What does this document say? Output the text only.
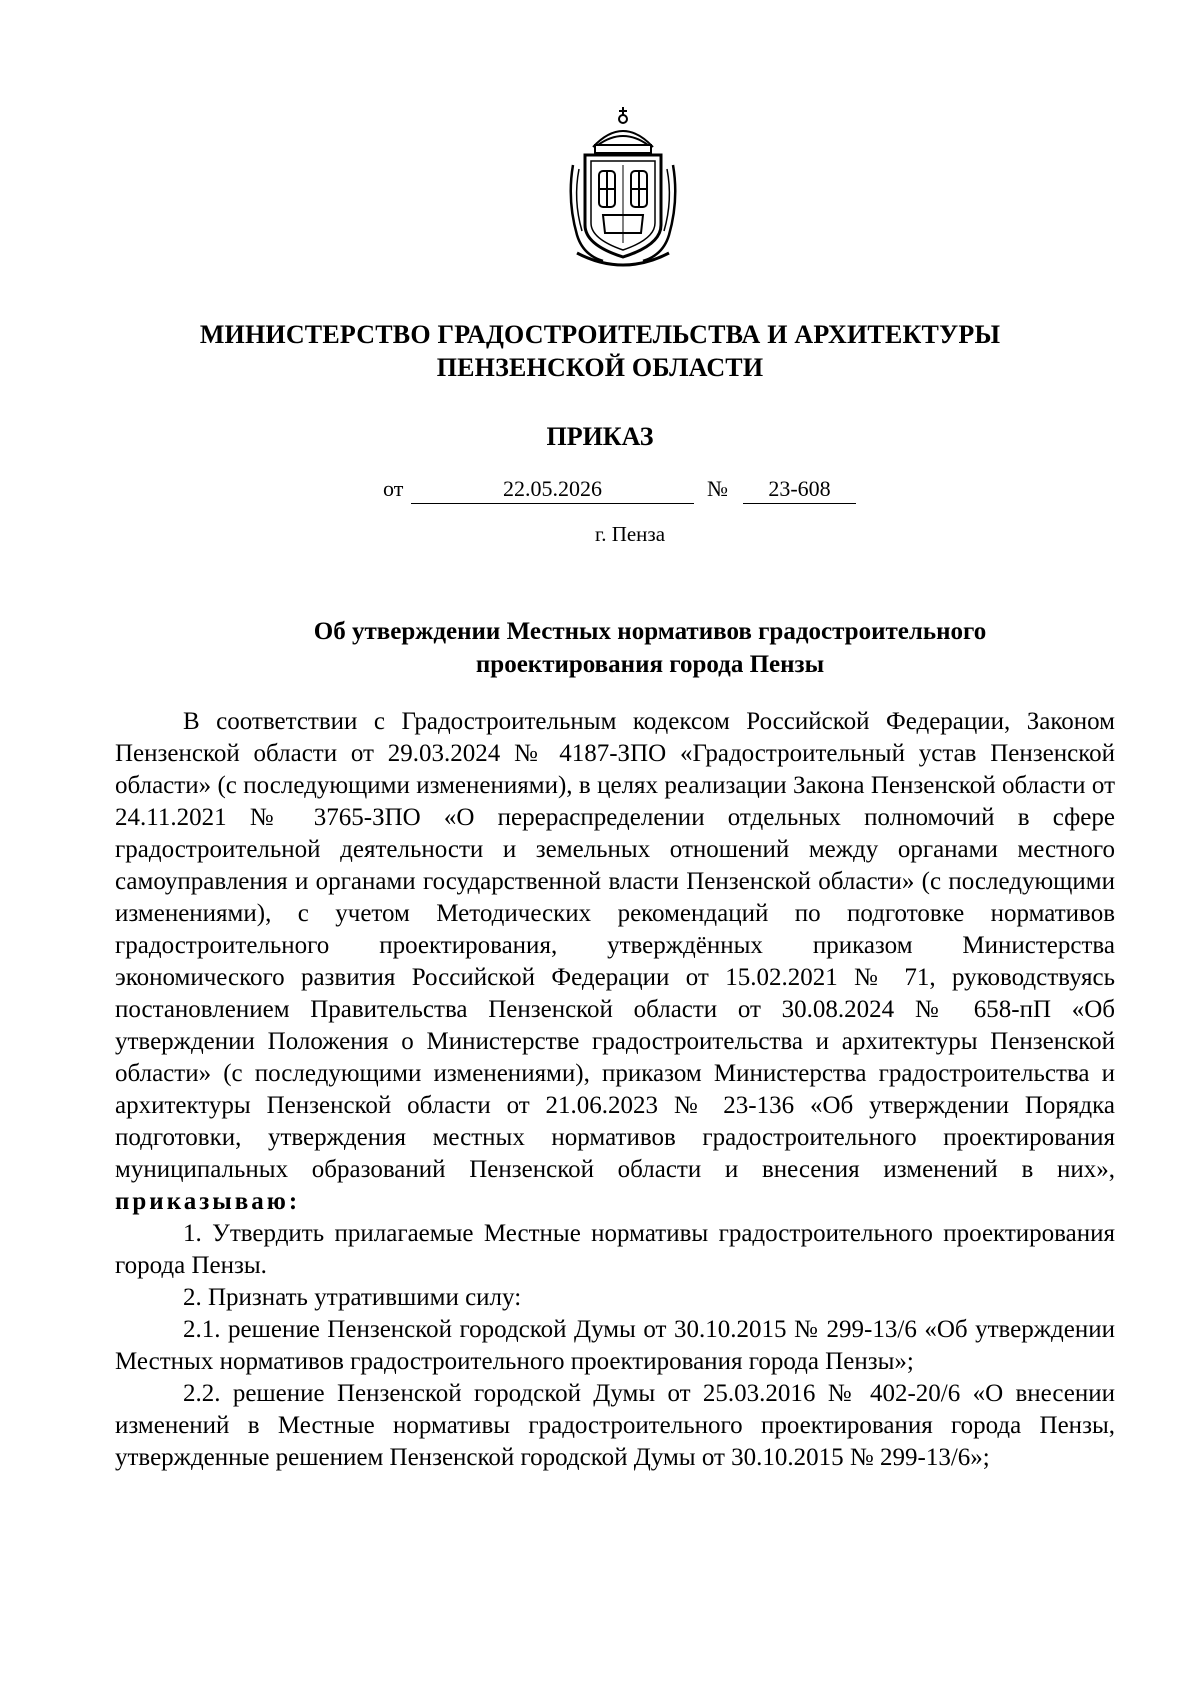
МИНИСТЕРСТВО ГРАДОСТРОИТЕЛЬСТВА И АРХИТЕКТУРЫ
ПЕНЗЕНСКОЙ ОБЛАСТИ
ПРИКАЗ
от	22.05.2026	№	23-608
г. Пенза
Об утверждении Местных нормативов градостроительного
проектирования города Пензы

В соответствии с Градостроительным кодексом Российской Федерации, Законом Пензенской области от 29.03.2024 № 4187-ЗПО «Градостроительный устав Пензенской области» (с последующими изменениями), в целях реализации Закона Пензенской области от 24.11.2021 № 3765-ЗПО «О перераспределении отдельных полномочий в сфере градостроительной деятельности и земельных отношений между органами местного самоуправления и органами государственной власти Пензенской области» (с последующими изменениями), с учетом Методических рекомендаций по подготовке нормативов градостроительного проектирования, утверждённых приказом Министерства экономического развития Российской Федерации от 15.02.2021 № 71, руководствуясь постановлением Правительства Пензенской области от 30.08.2024 № 658-пП «Об утверждении Положения о Министерстве градостроительства и архитектуры Пензенской области» (с последующими изменениями), приказом Министерства градостроительства и архитектуры Пензенской области от 21.06.2023 № 23-136 «Об утверждении Порядка подготовки, утверждения местных нормативов градостроительного проектирования муниципальных образований Пензенской области и внесения изменений в них», приказываю:

1. Утвердить прилагаемые Местные нормативы градостроительного проектирования города Пензы.

2. Признать утратившими силу:

2.1. решение Пензенской городской Думы от 30.10.2015 № 299-13/6 «Об утверждении Местных нормативов градостроительного проектирования города Пензы»;

2.2. решение Пензенской городской Думы от 25.03.2016 № 402-20/6 «О внесении изменений в Местные нормативы градостроительного проектирования города Пензы, утвержденные решением Пензенской городской Думы от 30.10.2015 № 299-13/6»;
